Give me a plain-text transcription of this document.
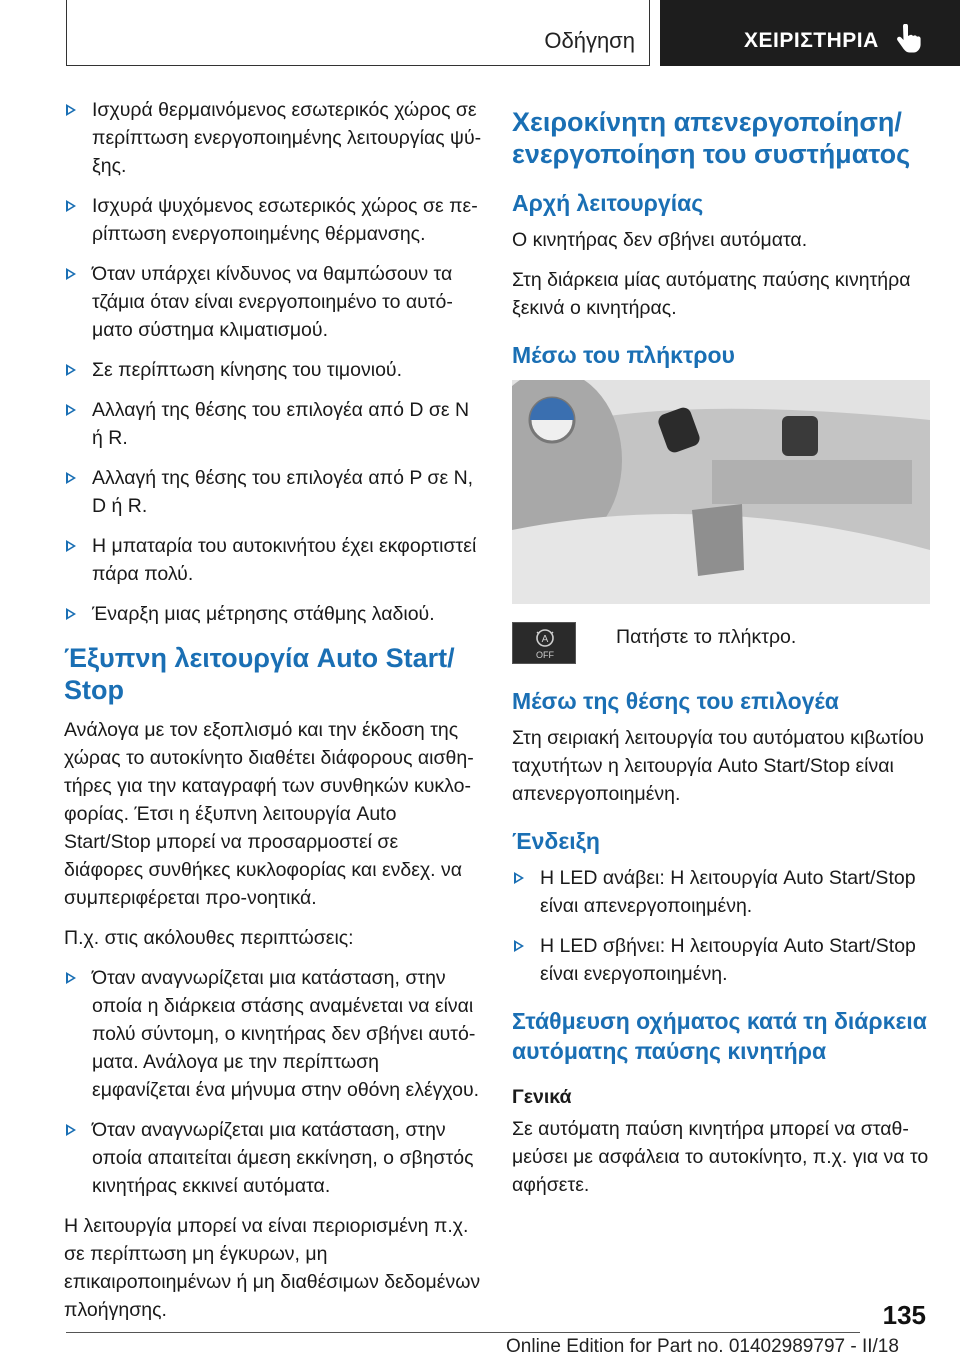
Οδήγηση	ΧΕΙΡΙΣΤΗΡΙΑ
Ισχυρά θερμαινόμενος εσωτερικός χώρος σε περίπτωση ενεργοποιημένης λειτουργίας ψύ-ξης.
Ισχυρά ψυχόμενος εσωτερικός χώρος σε πε-ρίπτωση ενεργοποιημένης θέρμανσης.
Όταν υπάρχει κίνδυνος να θαμπώσουν τα τζάμια όταν είναι ενεργοποιημένο το αυτό-ματο σύστημα κλιματισμού.
Σε περίπτωση κίνησης του τιμονιού.
Αλλαγή της θέσης του επιλογέα από D σε N ή R.
Αλλαγή της θέσης του επιλογέα από P σε N, D ή R.
Η μπαταρία του αυτοκινήτου έχει εκφορτιστεί πάρα πολύ.
Έναρξη μιας μέτρησης στάθμης λαδιού.
Έξυπνη λειτουργία Auto Start/ Stop

Ανάλογα με τον εξοπλισμό και την έκδοση της χώρας το αυτοκίνητο διαθέτει διάφορους αισθη-τήρες για την καταγραφή των συνθηκών κυκλο-φορίας. Έτσι η έξυπνη λειτουργία Auto Start/Stop μπορεί να προσαρμοστεί σε διάφορες συνθήκες κυκλοφορίας και ενδεχ. να συμπεριφέρεται προ-νοητικά.

Π.χ. στις ακόλουθες περιπτώσεις:

Όταν αναγνωρίζεται μια κατάσταση, στην οποία η διάρκεια στάσης αναμένεται να είναι πολύ σύντομη, ο κινητήρας δεν σβήνει αυτό-ματα. Ανάλογα με την περίπτωση εμφανίζεται ένα μήνυμα στην οθόνη ελέγχου.
Όταν αναγνωρίζεται μια κατάσταση, στην οποία απαιτείται άμεση εκκίνηση, ο σβηστός κινητήρας εκκινεί αυτόματα.

Η λειτουργία μπορεί να είναι περιορισμένη π.χ. σε περίπτωση μη έγκυρων, μη επικαιροποιημένων ή μη διαθέσιμων δεδομένων πλοήγησης.

Χειροκίνητη απενεργοποίηση/ ενεργοποίηση του συστήματος
Αρχή λειτουργίας

Ο κινητήρας δεν σβήνει αυτόματα.

Στη διάρκεια μίας αυτόματης παύσης κινητήρα ξεκινά ο κινητήρας.

Μέσω του πλήκτρου
A
OFF

Πατήστε το πλήκτρο.

Μέσω της θέσης του επιλογέα

Στη σειριακή λειτουργία του αυτόματου κιβωτίου ταχυτήτων η λειτουργία Auto Start/Stop είναι απενεργοποιημένη.

Ένδειξη
Η LED ανάβει: Η λειτουργία Auto Start/Stop είναι απενεργοποιημένη.
Η LED σβήνει: Η λειτουργία Auto Start/Stop είναι ενεργοποιημένη.
Στάθμευση οχήματος κατά τη διάρκεια αυτόματης παύσης κινητήρα
Γενικά

Σε αυτόματη παύση κινητήρα μπορεί να σταθ-μεύσει με ασφάλεια το αυτοκίνητο, π.χ. για να το αφήσετε.

135
Online Edition for Part no. 01402989797 - II/18
